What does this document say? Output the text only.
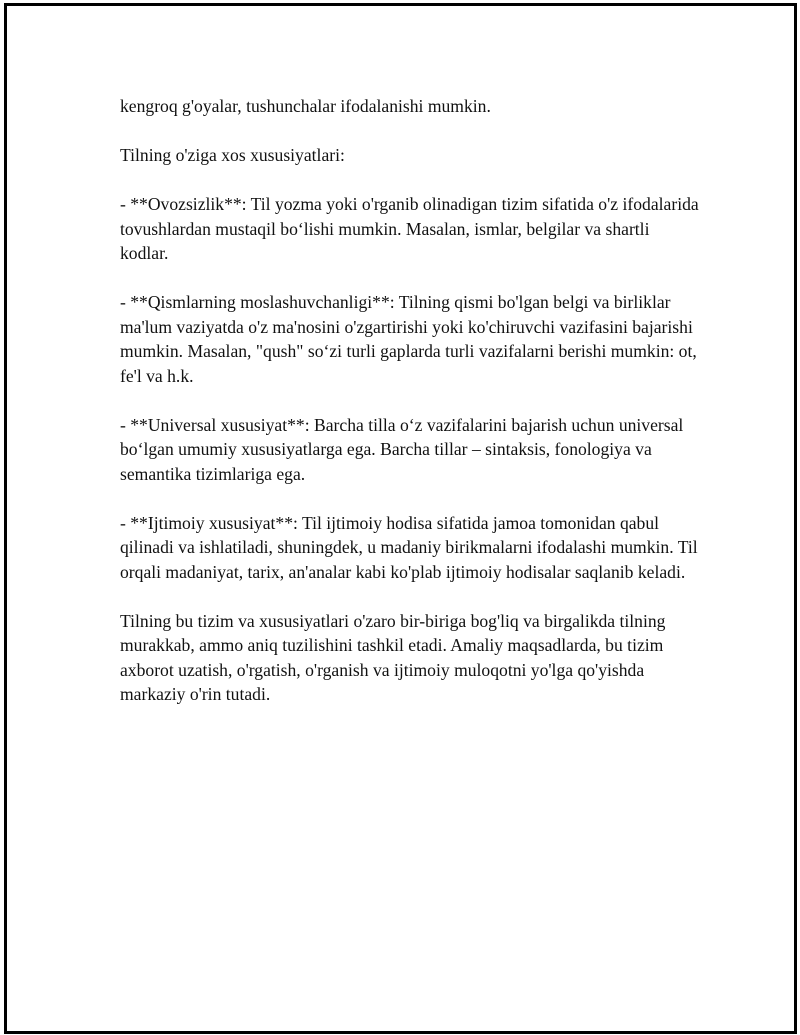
kengroq g'oyalar, tushunchalar ifodalanishi mumkin.

Tilning o'ziga xos xususiyatlari:

- **Ovozsizlik**: Til yozma yoki o'rganib olinadigan tizim sifatida o'z ifodalarida tovushlardan mustaqil bo‘lishi mumkin. Masalan, ismlar, belgilar va shartli kodlar.

- **Qismlarning moslashuvchanligi**: Tilning qismi bo'lgan belgi va birliklar ma'lum vaziyatda o'z ma'nosini o'zgartirishi yoki ko'chiruvchi vazifasini bajarishi mumkin. Masalan, "qush" so‘zi turli gaplarda turli vazifalarni berishi mumkin: ot, fe'l va h.k.

- **Universal xususiyat**: Barcha tilla o‘z vazifalarini bajarish uchun universal bo‘lgan umumiy xususiyatlarga ega. Barcha tillar – sintaksis, fonologiya va semantika tizimlariga ega.

- **Ijtimoiy xususiyat**: Til ijtimoiy hodisa sifatida jamoa tomonidan qabul qilinadi va ishlatiladi, shuningdek, u madaniy birikmalarni ifodalashi mumkin. Til orqali madaniyat, tarix, an'analar kabi ko'plab ijtimoiy hodisalar saqlanib keladi.

Tilning bu tizim va xususiyatlari o'zaro bir-biriga bog'liq va birgalikda tilning murakkab, ammo aniq tuzilishini tashkil etadi. Amaliy maqsadlarda, bu tizim axborot uzatish, o'rgatish, o'rganish va ijtimoiy muloqotni yo'lga qo'yishda markaziy o'rin tutadi.
